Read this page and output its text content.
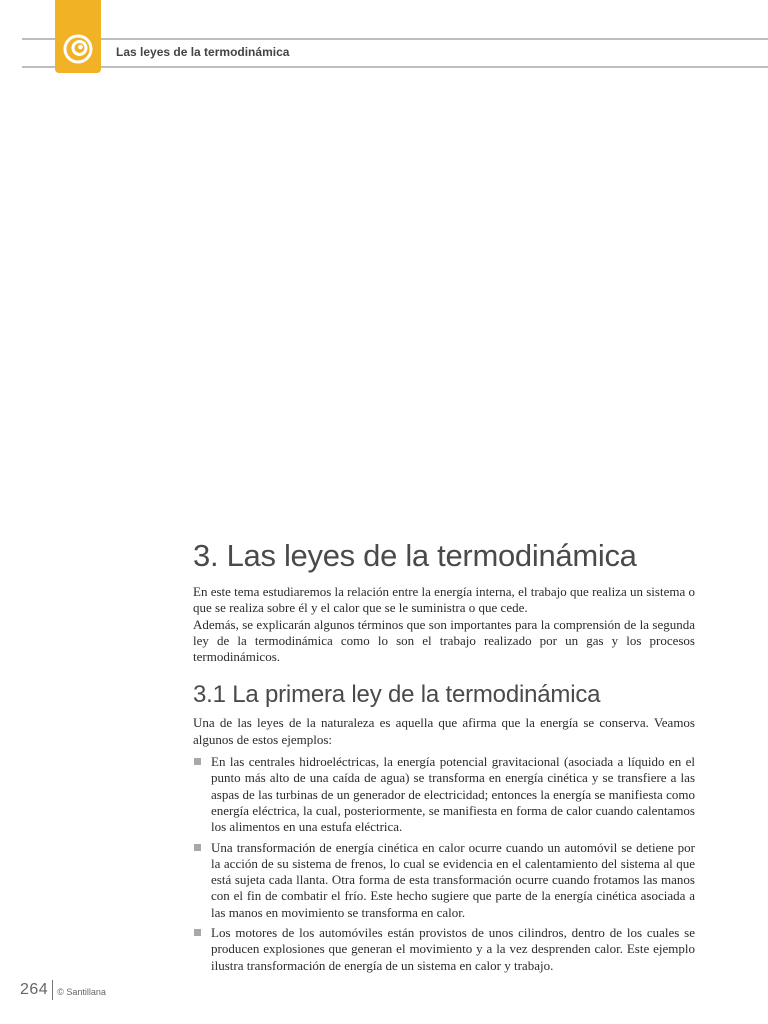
Las leyes de la termodinámica
3. Las leyes de la termodinámica

En este tema estudiaremos la relación entre la energía interna, el trabajo que realiza un sistema o que se realiza sobre él y el calor que se le suministra o que cede.

Además, se explicarán algunos términos que son importantes para la comprensión de la segunda ley de la termodinámica como lo son el trabajo realizado por un gas y los procesos termodinámicos.

3.1 La primera ley de la termodinámica

Una de las leyes de la naturaleza es aquella que afirma que la energía se conserva. Veamos algunos de estos ejemplos:

En las centrales hidroeléctricas, la energía potencial gravitacional (asociada a líquido en el punto más alto de una caída de agua) se transforma en energía cinética y se transfiere a las aspas de las turbinas de un generador de electricidad; entonces la energía se manifiesta como energía eléctrica, la cual, posteriormente, se manifiesta en forma de calor cuando calentamos los alimentos en una estufa eléctrica.
Una transformación de energía cinética en calor ocurre cuando un automóvil se detiene por la acción de su sistema de frenos, lo cual se evidencia en el calentamiento del sistema al que está sujeta cada llanta. Otra forma de esta transformación ocurre cuando frotamos las manos con el fin de combatir el frío. Este hecho sugiere que parte de la energía cinética asociada a las manos en movimiento se transforma en calor.
Los motores de los automóviles están provistos de unos cilindros, dentro de los cuales se producen explosiones que generan el movimiento y a la vez desprenden calor. Este ejemplo ilustra transformación de energía de un sistema en calor y trabajo.
264 © Santillana
